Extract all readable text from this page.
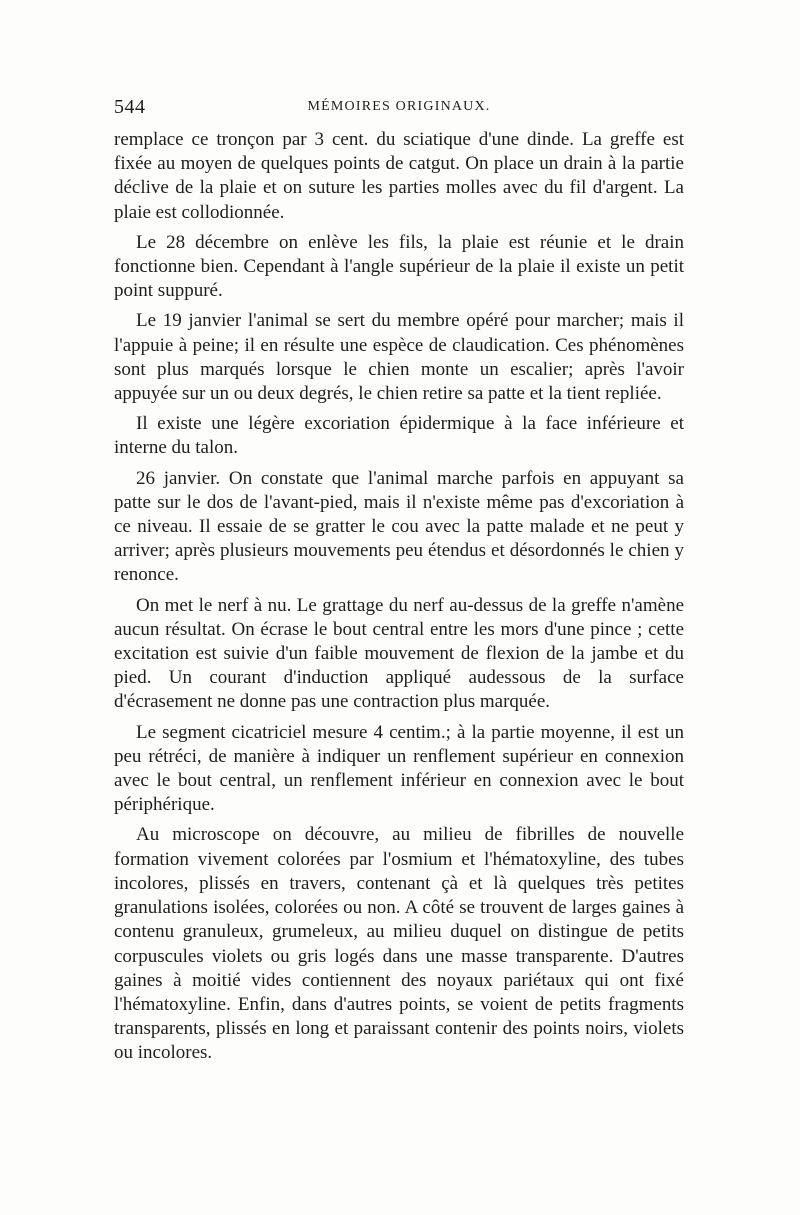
544	MÉMOIRES ORIGINAUX.

remplace ce tronçon par 3 cent. du sciatique d'une dinde. La greffe est fixée au moyen de quelques points de catgut. On place un drain à la partie déclive de la plaie et on suture les parties molles avec du fil d'argent. La plaie est collodionnée.

Le 28 décembre on enlève les fils, la plaie est réunie et le drain fonctionne bien. Cependant à l'angle supérieur de la plaie il existe un petit point suppuré.

Le 19 janvier l'animal se sert du membre opéré pour marcher; mais il l'appuie à peine; il en résulte une espèce de claudication. Ces phénomènes sont plus marqués lorsque le chien monte un escalier; après l'avoir appuyée sur un ou deux degrés, le chien retire sa patte et la tient repliée.

Il existe une légère excoriation épidermique à la face inférieure et interne du talon.

26 janvier. On constate que l'animal marche parfois en appuyant sa patte sur le dos de l'avant-pied, mais il n'existe même pas d'excoriation à ce niveau. Il essaie de se gratter le cou avec la patte malade et ne peut y arriver; après plusieurs mouvements peu étendus et désordonnés le chien y renonce.

On met le nerf à nu. Le grattage du nerf au-dessus de la greffe n'amène aucun résultat. On écrase le bout central entre les mors d'une pince ; cette excitation est suivie d'un faible mouvement de flexion de la jambe et du pied. Un courant d'induction appliqué audessous de la surface d'écrasement ne donne pas une contraction plus marquée.

Le segment cicatriciel mesure 4 centim.; à la partie moyenne, il est un peu rétréci, de manière à indiquer un renflement supérieur en connexion avec le bout central, un renflement inférieur en connexion avec le bout périphérique.

Au microscope on découvre, au milieu de fibrilles de nouvelle formation vivement colorées par l'osmium et l'hématoxyline, des tubes incolores, plissés en travers, contenant çà et là quelques très petites granulations isolées, colorées ou non. A côté se trouvent de larges gaines à contenu granuleux, grumeleux, au milieu duquel on distingue de petits corpuscules violets ou gris logés dans une masse transparente. D'autres gaines à moitié vides contiennent des noyaux pariétaux qui ont fixé l'hématoxyline. Enfin, dans d'autres points, se voient de petits fragments transparents, plissés en long et paraissant contenir des points noirs, violets ou incolores.
